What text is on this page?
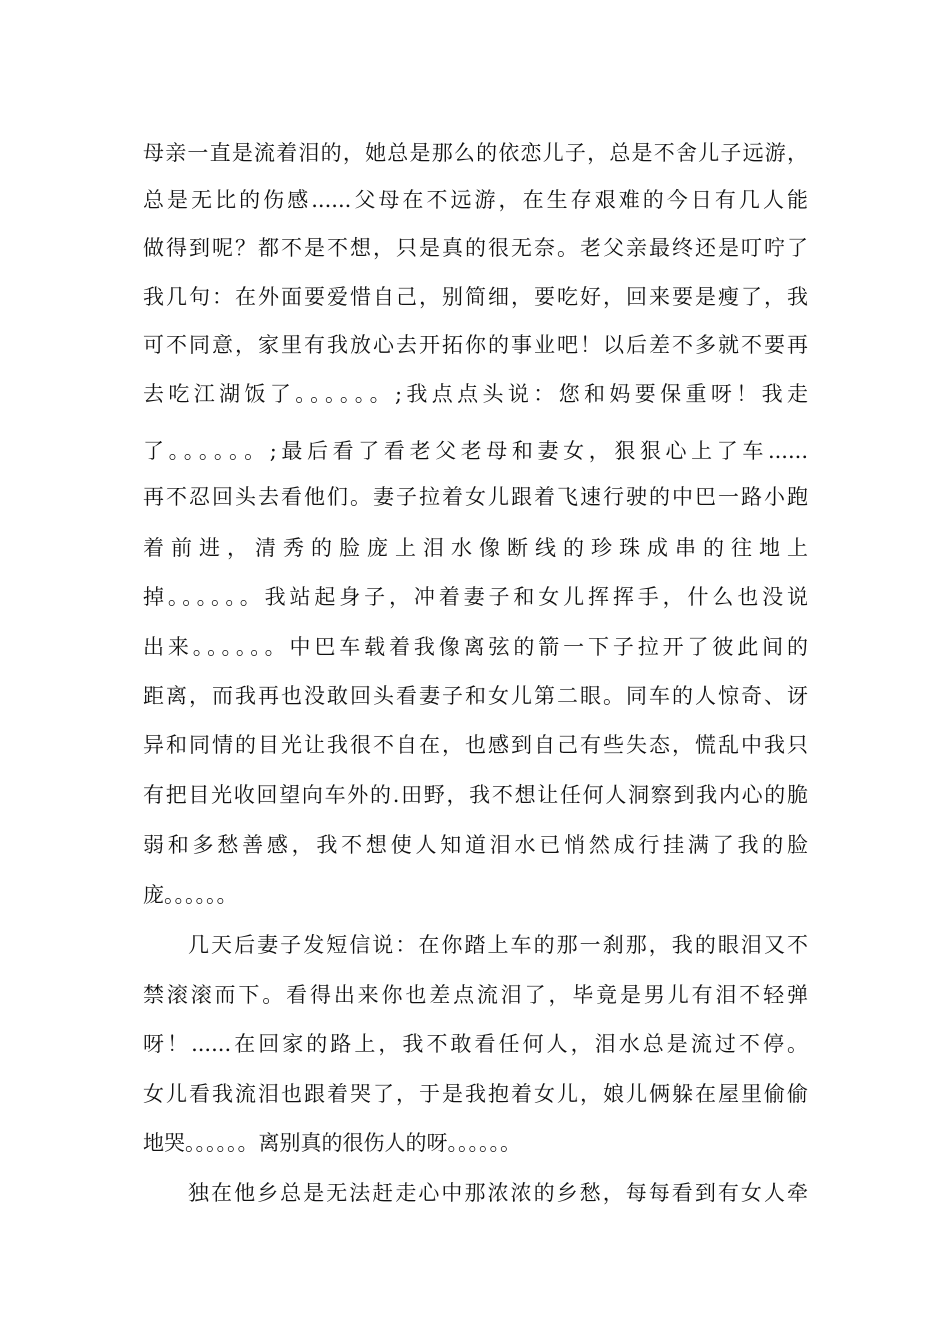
母亲一直是流着泪的，她总是那么的依恋儿子，总是不舍儿子远游，
总是无比的伤感......父母在不远游，在生存艰难的今日有几人能
做得到呢？都不是不想，只是真的很无奈。老父亲最终还是叮咛了
我几句：在外面要爱惜自己，别简细，要吃好，回来要是瘦了，我
可不同意，家里有我放心去开拓你的事业吧！以后差不多就不要再
去吃江湖饭了。。。。。。;我点点头说：您和妈要保重呀！我走
了。。。。。。;最后看了看老父老母和妻女，狠狠心上了车......
再不忍回头去看他们。妻子拉着女儿跟着飞速行驶的中巴一路小跑
着前进，清秀的脸庞上泪水像断线的珍珠成串的往地上
掉。。。。。。我站起身子，冲着妻子和女儿挥挥手，什么也没说
出来。。。。。。中巴车载着我像离弦的箭一下子拉开了彼此间的
距离，而我再也没敢回头看妻子和女儿第二眼。同车的人惊奇、讶
异和同情的目光让我很不自在，也感到自己有些失态，慌乱中我只
有把目光收回望向车外的.田野，我不想让任何人洞察到我内心的脆
弱和多愁善感，我不想使人知道泪水已悄然成行挂满了我的脸
庞。。。。。。
几天后妻子发短信说：在你踏上车的那一刹那，我的眼泪又不
禁滚滚而下。看得出来你也差点流泪了，毕竟是男儿有泪不轻弹
呀！......在回家的路上，我不敢看任何人，泪水总是流过不停。
女儿看我流泪也跟着哭了，于是我抱着女儿，娘儿俩躲在屋里偷偷
地哭。。。。。。离别真的很伤人的呀。。。。。。
独在他乡总是无法赶走心中那浓浓的乡愁，每每看到有女人牵
